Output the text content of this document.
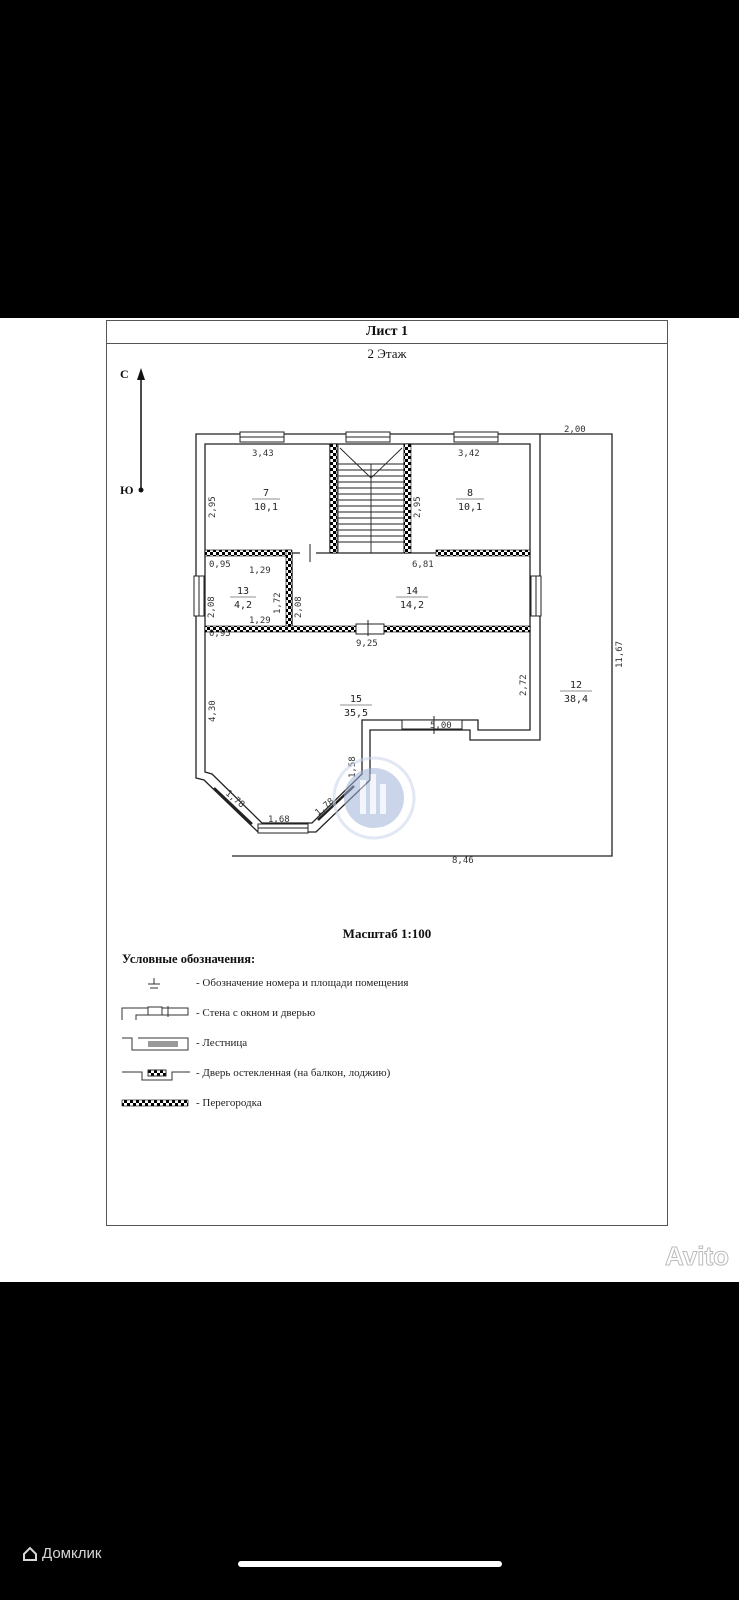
Лист 1
2 Этаж
С
Ю	7
10,1
8
10,1
13
4,2
14
14,2
15
35,5
12
38,4
3,43	3,42
2,00
2,95	2,95
0,95
1,29
2,08	1,72 2,08
1,29
0,95
6,81
9,25
4,30
2,72
5,00
11,67
1,78
1,68
1,58
1,78
8,46
Масштаб 1:100
Условные обозначения:
- Обозначение номера и площади помещения
- Стена с окном и дверью
- Лестница
- Дверь остекленная (на балкон, лоджию)
- Перегородка
Avito
Домклик
